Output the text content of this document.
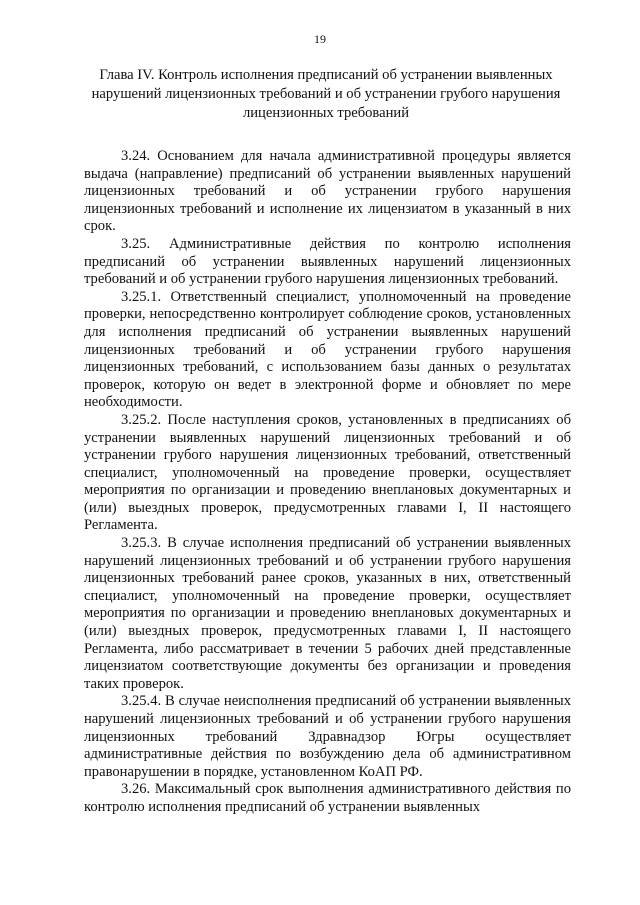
19
Глава IV. Контроль исполнения предписаний об устранении выявленных нарушений лицензионных требований и об устранении грубого нарушения лицензионных требований

3.24. Основанием для начала административной процедуры является выдача (направление) предписаний об устранении выявленных нарушений лицензионных требований и об устранении грубого нарушения лицензионных требований и исполнение их лицензиатом в указанный в них срок.

3.25. Административные действия по контролю исполнения предписаний об устранении выявленных нарушений лицензионных требований и об устранении грубого нарушения лицензионных требований.

3.25.1. Ответственный специалист, уполномоченный на проведение проверки, непосредственно контролирует соблюдение сроков, установленных для исполнения предписаний об устранении выявленных нарушений лицензионных требований и об устранении грубого нарушения лицензионных требований, с использованием базы данных о результатах проверок, которую он ведет в электронной форме и обновляет по мере необходимости.

3.25.2. После наступления сроков, установленных в предписаниях об устранении выявленных нарушений лицензионных требований и об устранении грубого нарушения лицензионных требований, ответственный специалист, уполномоченный на проведение проверки, осуществляет мероприятия по организации и проведению внеплановых документарных и (или) выездных проверок, предусмотренных главами I, II настоящего Регламента.

3.25.3. В случае исполнения предписаний об устранении выявленных нарушений лицензионных требований и об устранении грубого нарушения лицензионных требований ранее сроков, указанных в них, ответственный специалист, уполномоченный на проведение проверки, осуществляет мероприятия по организации и проведению внеплановых документарных и (или) выездных проверок, предусмотренных главами I, II настоящего Регламента, либо рассматривает в течении 5 рабочих дней представленные лицензиатом соответствующие документы без организации и проведения таких проверок.

3.25.4. В случае неисполнения предписаний об устранении выявленных нарушений лицензионных требований и об устранении грубого нарушения лицензионных требований Здравнадзор Югры осуществляет административные действия по возбуждению дела об административном правонарушении в порядке, установленном КоАП РФ.

3.26. Максимальный срок выполнения административного действия по контролю исполнения предписаний об устранении выявленных
